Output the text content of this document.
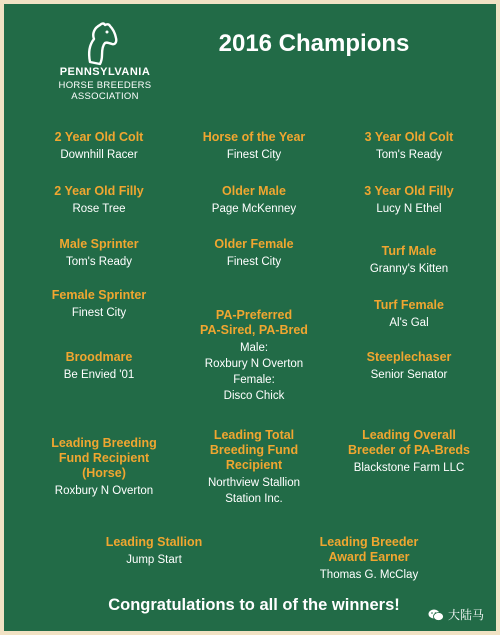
PENNSYLVANIA
HORSE BREEDERS
ASSOCIATION
2016 Champions
2 Year Old Colt
Downhill Racer
Horse of the Year
Finest City
3 Year Old Colt
Tom's Ready
2 Year Old Filly
Rose Tree
Older Male
Page McKenney
3 Year Old Filly
Lucy N Ethel
Male Sprinter
Tom's Ready
Older Female
Finest City
Turf Male
Granny's Kitten
Female Sprinter
Finest City	PA-Preferred
PA-Sired, PA-Bred
Male:
Roxbury N Overton
Female:
Disco Chick
Turf Female
Al's Gal
Broodmare
Be Envied '01
Steeplechaser
Senior Senator
Leading Breeding
Fund Recipient
(Horse)
Roxbury N Overton
Leading Total
Breeding Fund
Recipient
Northview Stallion
Station Inc.
Leading Overall
Breeder of PA-Breds
Blackstone Farm LLC
Leading Stallion
Jump Start
Leading Breeder
Award Earner
Thomas G. McClay
Congratulations to all of the winners!
大陆马
